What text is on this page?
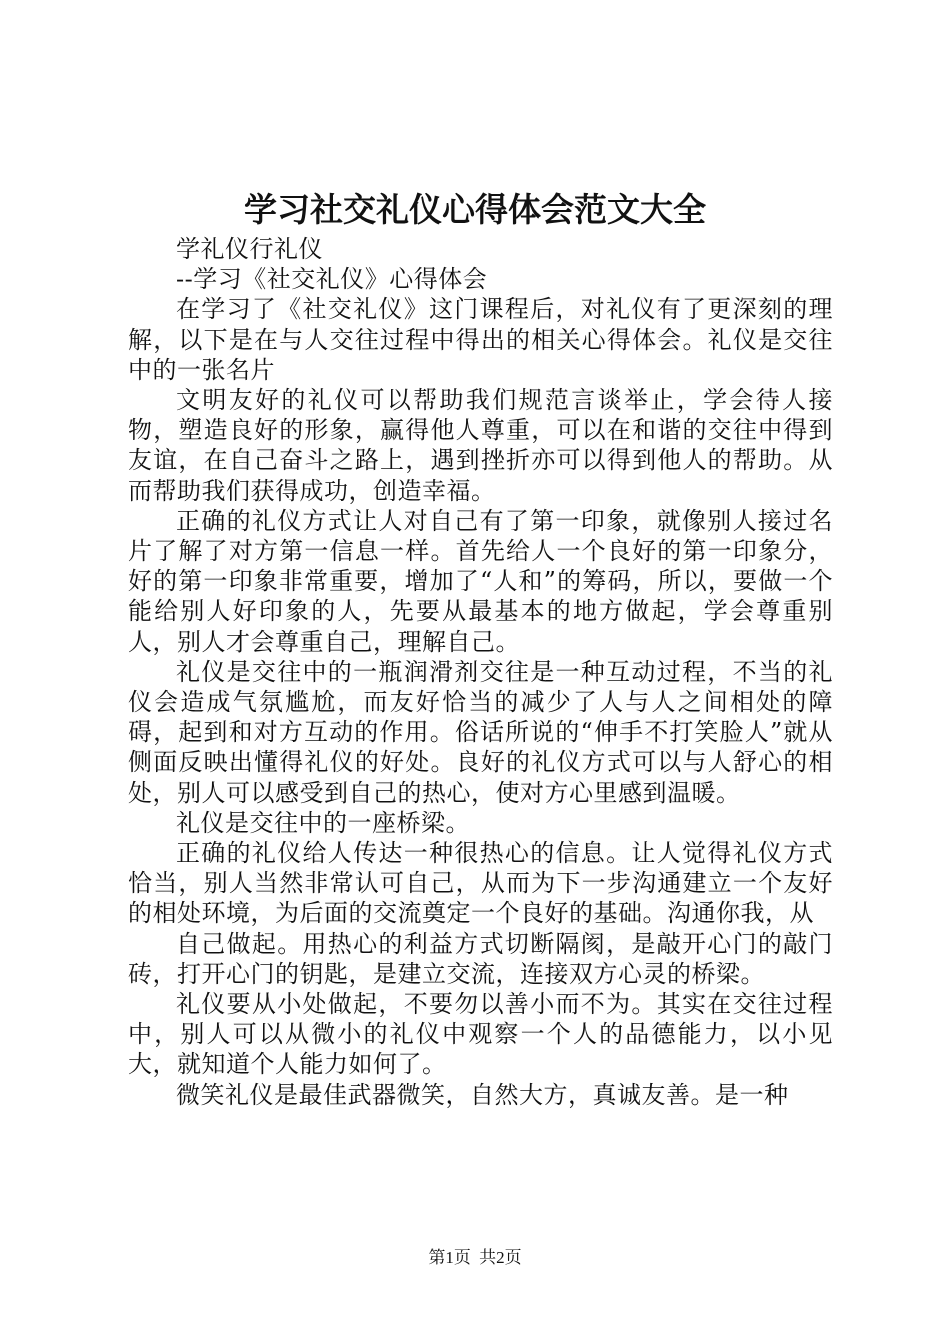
学习社交礼仪心得体会范文大全

学礼仪行礼仪

--学习《社交礼仪》心得体会

在学习了《社交礼仪》这门课程后，对礼仪有了更深刻的理解，以下是在与人交往过程中得出的相关心得体会。礼仪是交往中的一张名片

文明友好的礼仪可以帮助我们规范言谈举止，学会待人接物，塑造良好的形象，赢得他人尊重，可以在和谐的交往中得到友谊，在自己奋斗之路上，遇到挫折亦可以得到他人的帮助。从而帮助我们获得成功，创造幸福。

正确的礼仪方式让人对自己有了第一印象，就像别人接过名片了解了对方第一信息一样。首先给人一个良好的第一印象分，好的第一印象非常重要，增加了“人和”的筹码，所以，要做一个能给别人好印象的人，先要从最基本的地方做起，学会尊重别人，别人才会尊重自己，理解自己。

礼仪是交往中的一瓶润滑剂交往是一种互动过程，不当的礼仪会造成气氛尴尬，而友好恰当的减少了人与人之间相处的障碍，起到和对方互动的作用。俗话所说的“伸手不打笑脸人”就从侧面反映出懂得礼仪的好处。良好的礼仪方式可以与人舒心的相处，别人可以感受到自己的热心，使对方心里感到温暖。

礼仪是交往中的一座桥梁。

正确的礼仪给人传达一种很热心的信息。让人觉得礼仪方式恰当，别人当然非常认可自己，从而为下一步沟通建立一个友好的相处环境，为后面的交流奠定一个良好的基础。沟通你我，从

自己做起。用热心的利益方式切断隔阂，是敲开心门的敲门砖，打开心门的钥匙，是建立交流，连接双方心灵的桥梁。

礼仪要从小处做起，不要勿以善小而不为。其实在交往过程中，别人可以从微小的礼仪中观察一个人的品德能力，以小见大，就知道个人能力如何了。

微笑礼仪是最佳武器微笑，自然大方，真诚友善。是一种

第1页 共2页
